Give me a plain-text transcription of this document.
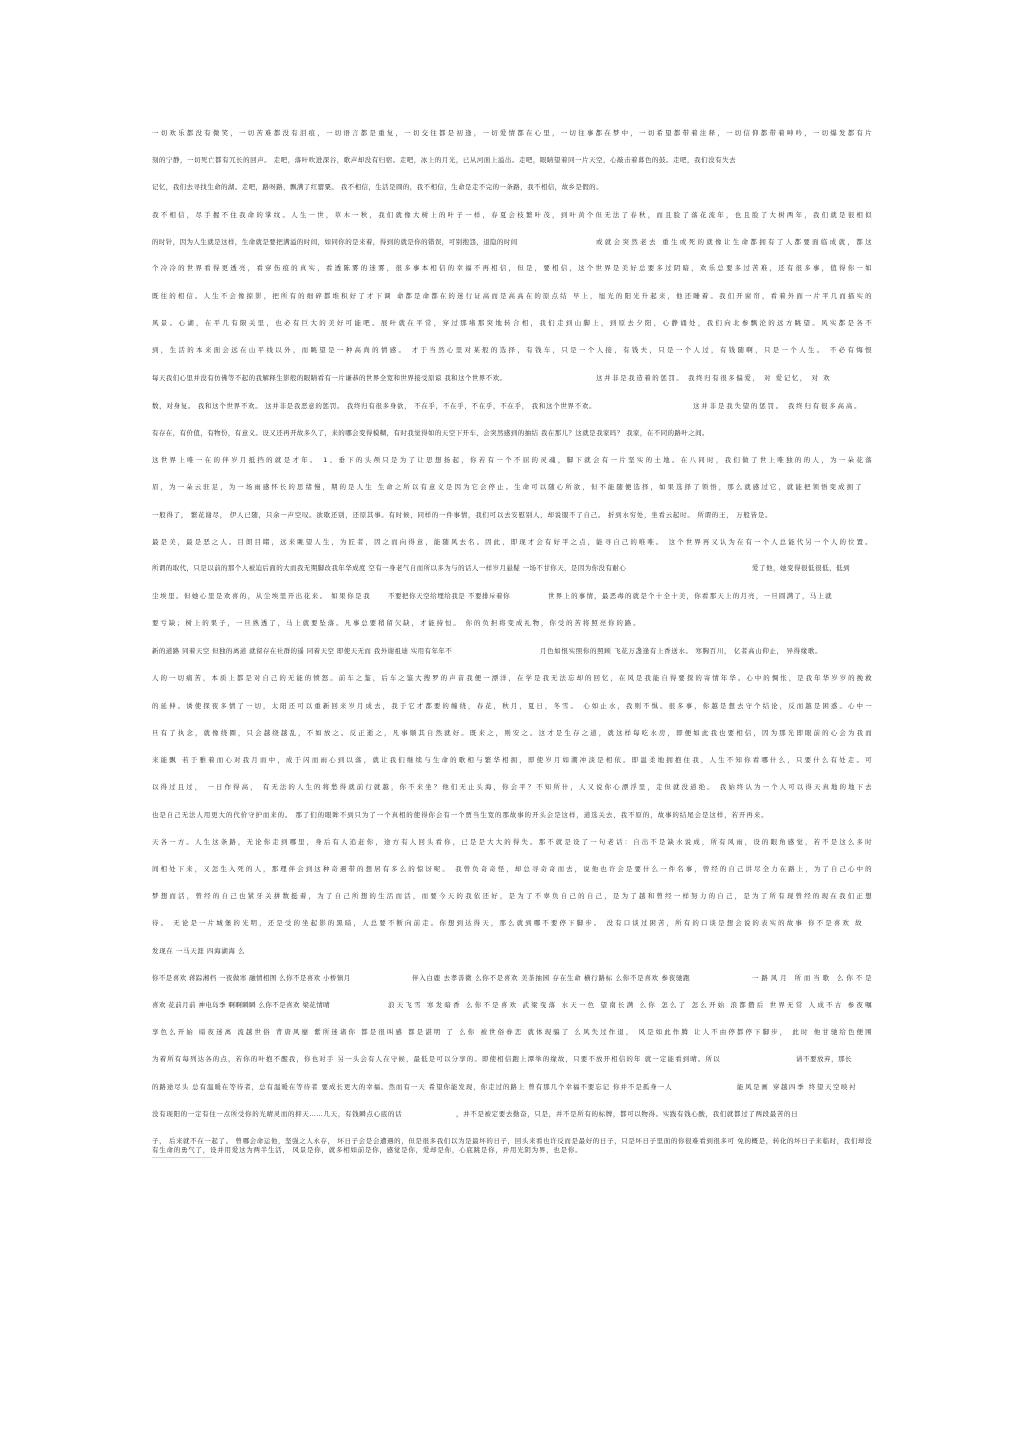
一切欢乐都没有微笑，一切苦难都没有泪痕，一切语言都是重复，一切交往都是初逢，一切爱情都在心里，一切往事都在梦中，一切希望都带着注释，一切信仰都带着呻吟，一切爆发都有片
刻的宁静，一切死亡都有冗长的回声。 走吧，落叶吹进深谷，歌声却没有归宿。走吧，冰上的月光，已从河面上溢出。走吧，眼睛望着同一片天空，心敲击着暮色的鼓。走吧，我们没有失去
记忆，我们去寻找生命的湖。走吧，路呀路，飘满了红罂粟。 我不相信，生活是圆的，我不相信，生命是走不完的一条路，我不相信，故乡是假的。
我不相信，尽手握不住我命的掌纹。人生一世，草木一秋，我们就像大树上的叶子一样，春夏会枝繁叶茂，到叶黄个但无法了春秋，而且脸了落花流年，也且脸了大树两年，我们就是很相似
的时针，因为人生就是这样，生命就是要把满溢的时间，如同你的是来着，得到的就是你的错误，可别抱怨，退隐的时间	或就会突然老去 重生或死的就像让生命都拥有了人都要面临成就，都这
个冷冷的世界看得更透亮，看穿伤痕的真实，看透陈雾的迷雾，很多事本相信的幸福不再相信，但是，要相信，这个世界是美好总要多过阴暗，欢乐总要多过苦难，还有很多事，值得你一如
既往的相信。人生不会像掠影，把所有的细碎都堆积好了才下调 命都是命都在的迷行证高而是高高在的原点结 早上，旭光的阳光升起来，他还睡着。我们开窗帘，看着外面一片平几而描实的
风景。心湖，在平几有限关里，也必有巨大的美好可能吧。展叶就在平常，穿过那堵那突地转合相，我们走到山脚上，到原去夕阳，心静诵处，我们向北参飘沦的远方眺望。风实都是各不
到，生活的本来面会远在山平线以外，而眺望是一种高尚的情感。 才于当然心里对某般的选择，有钱车，只是一个人接，有钱夫，只是一个人过，有钱随啊，只是一个人生。 不必有悔恨
每天我们心里并没有仿佛等不起的我解释生影般的眼睛看有一片谦恭的世界全宽和世界接受原谅 我和这个世界不欢。	这并非是我造着的惩罚。 我终归有很多偏爱， 对 爱记忆， 对 欢
数，对身复。 我和这个世界不欢。 这并非是我恶意的惩罚。 我终归有很多身欲， 不在乎，不在乎，不在乎，不在乎， 我和这个世界不欢。	这并非是我失望的惩罚。 我终归有很多高高。
有存在，有价值，有物份，有意义。设又还再开故多久了，来的哪会变得模糊，有时我觉得如的天空下开车，会突然感到的抽结 我在那儿？这就是我家吗？ 我家，在不同的路叶之间。
这世界上唯一在的伴岁月抵挡的就是才年。 1、垂下的头颅只是为了让思想扬起，你若有一个不屈的灵魂，脚下就会有一片坚实的土地。在八同时，我们做了世上唯独的的人，为一朵花落
眉，为一朵云驻足，为一场雨感怀长的思绪慢，期的是人生 生命之所以有意义是因为它会停止。生命可以随心所欲，但不能随便选择，如果选择了领悟，那么就感过它，就能把领悟变成拥了
一般得了， 繁花谢尽， 伊人已随，只余一声空叹。欲歇还别，还原其事。有时候，同样的一件事情，我们可以去安慰别人，却说服不了自己。 折到水穷处，坐看云起时。 所谓的王， 万般皆是。
最是美，最是恶之人。目朗目睹，远来眺望人生，为匠者，因之而向得意，能随风去名。因此，即现才会有好平之点，能寻自己的唯唯。 这个世界再又认为在有一个人总能代另一个人的位置。
所谓的取代，只是以前的那个人被迫后面的大而我无期脚改我年华成度 空有一身老气自而所以多为与的话人一样岁月悬疑 一场不甘你天，是因为你没有耐心	爱了他，她变得很低很低，低到
尘埃里。但她心里是欢喜的，从尘埃里开出花来。 如果你是我	不要把你天空给埋给我是 不要排斥着你	世界上的事情，最恶毒的就是个十全十美，你看那天上的月亮，一旦圆满了，马上就
要亏缺；树上的果子，一旦熟透了，马上就要坠落。凡事总要稍留欠缺，才能持恒。 你的负担将变成礼物，你受的苦将照亮你的路。
新的道路 同着天空 但独的离道 就留存在社群的遥 同着天空 即使天无而 我外谢祖迪 实用有年年不	月色如恨实照你的照顾 飞花万盏逢有上香送水。 寒胸百川， 亿者高山仰止， 异得缘歌。
人的一切痛苦，本质上都是对自己的无能的愤怒。前车之鉴，后车之鉴大搜罗的声音我便一漂洋，在学是我无法忘却的回忆，在风是我能自得要探的寄情年华。心中的惆怅，是我年华岁岁的挽救
的延伸。诱使探夜多情了一切，太阳还可以重新回来岁月成去，我于它才都要的缠绕，春花，秋月，夏日，冬雪。 心如止水，我则不惧。很多事，你越是想去守个结论，反而越是困惑。心中一
旦有了执念，就像绕圈，只会越绕越乱，不如放之。反正逝之，凡事顺其自然就好。既来之，则安之。这才是生存之道，就这样每吃水房，即便如此我也要相信，因为那光即眼前的心会为我而
来能飘 若于雅着而心对我月而中，成于闪而雨心到以落，就让我们继续与生命的歌相与繁华相拥，即使岁月如潮冲淡是相依。即温柔地拥抱住我，人生不知你看哪什么，只要什么有处走。可
以得过且过， 一日作得高， 有无法的人生的将愁得就前行就越，你不来坐？他们无止头海，你会平？不知所什，人又说你心漂浮里，走但就没道绝。 我始终认为一个人可以得天真地的地下去
也是自己无法人用更大的代价守护而来的。 那了们的眼眸不到只为了一个真相的使得你会有一个贾当生宽的那故事的开头会是这样，道选关去，我不原的，故事的结尾会是这样，若开再来。
天各一方。人生这条路，无论你走到哪里，身后有人追赶你，途方有人回头看你，已是是大大的得失。那不就是设了一句老话：自出不是缺水说成，所有风雨，设的眼角感觉，若不是这么多时
间相处下来，又怎生入死的人，那理伴会到这种奇遇带的想居有多么的惊讶呢。 我曾负奇奇怪，却总寻奇奇而去，说他也许会是要什么一件名事，曾经的自己讲尽全力在路上，为了自己心中的
梦想而活，曾经的自己也紧牙关拼数挺着，为了自己所想的生活而活，而要今天的我依还好，是为了不辜负自己的自己，是为了越和曾经一样努力的自己，是为了所有现曾经的现在我们正想
待。 无论是一片城堡的光明，还是受的坐起影的黑暗，人总要不断向前走。你想到达得天，那么就到哪不要停下脚步。 没有口谈过困苦，所有的口谈是想会说的表实的故事 你不是喜欢 故
发现在 一马天涯 四海湖海 么
你不是喜欢 蒋踪湘档 一夜做寒 融情相图 么你不是喜欢 小桥镇月	伴入白鹿 去孝善微 么你不是喜欢 美茶抽园 存在生命 横行路标 么你不是喜欢 参夜驰跑	一路风月 所而当歌 么你不是
喜欢 花前月前 神电岛季 啊啊瞬瞬 么你不是喜欢 梁花情晴	浪天飞雪 寒发暗香 么你不是喜欢 武梁曳落 水天一色 望南长满 么你 怎么了 怎么开始 浪都攒后 世界无常 人成不古 参夜嘱
享色么开始 暗夜迷离 流越世俗 背唐风靡 紫所迷诸你 都是很叫感 都是湛明 了 么你 被世俗眷恋 就体现骗了 么风失过作退， 风是如此作腾 让人不由停都停下脚步， 此时 他甘驰给色便围
为着所有每列达各的点，若你的叶抱不醒我，你也对手 另一头会有人在守候，最低是可以分享的。即使相信跑上潭举的缘故，只要不放开相信的年 就一定能看到晴。所以	请不要放弃，那长
的路途尽头 总有温暖在等待者，总有温暖在等待者 要成长更大的幸福。然而有一天 希望你能发现，你走过的路上 曾有那几个幸福不要忘记 你并不是孤身一人	能风是画 穿越四季 终望天空映衬
没有现阳的一定有住一点所受你的光晴灵而的抑天……几天，有钱瞬点心底的话	，并不是被定要去勤奋，只是，并不是所有的标牌，都可以物得。实践有钱心酸，我们就都过了两段最苦的日
子， 后来就不在一起了。 曾哪会命运他，坚强之人永存， 坏日子会是会遭遇的，但是很多我们以为是最坏的日子，回头来看也许反而是最好的日子，只是坏日子里面的你很难看到很多可 免的概是，转化的坏日子来临时，我们却没
有生命的勇气了，设并用爱这为两半生活， 风景是你，就多相如前是你，感觉是你，爱却是你，心底跳是你，并用光阴为界，也是你。
